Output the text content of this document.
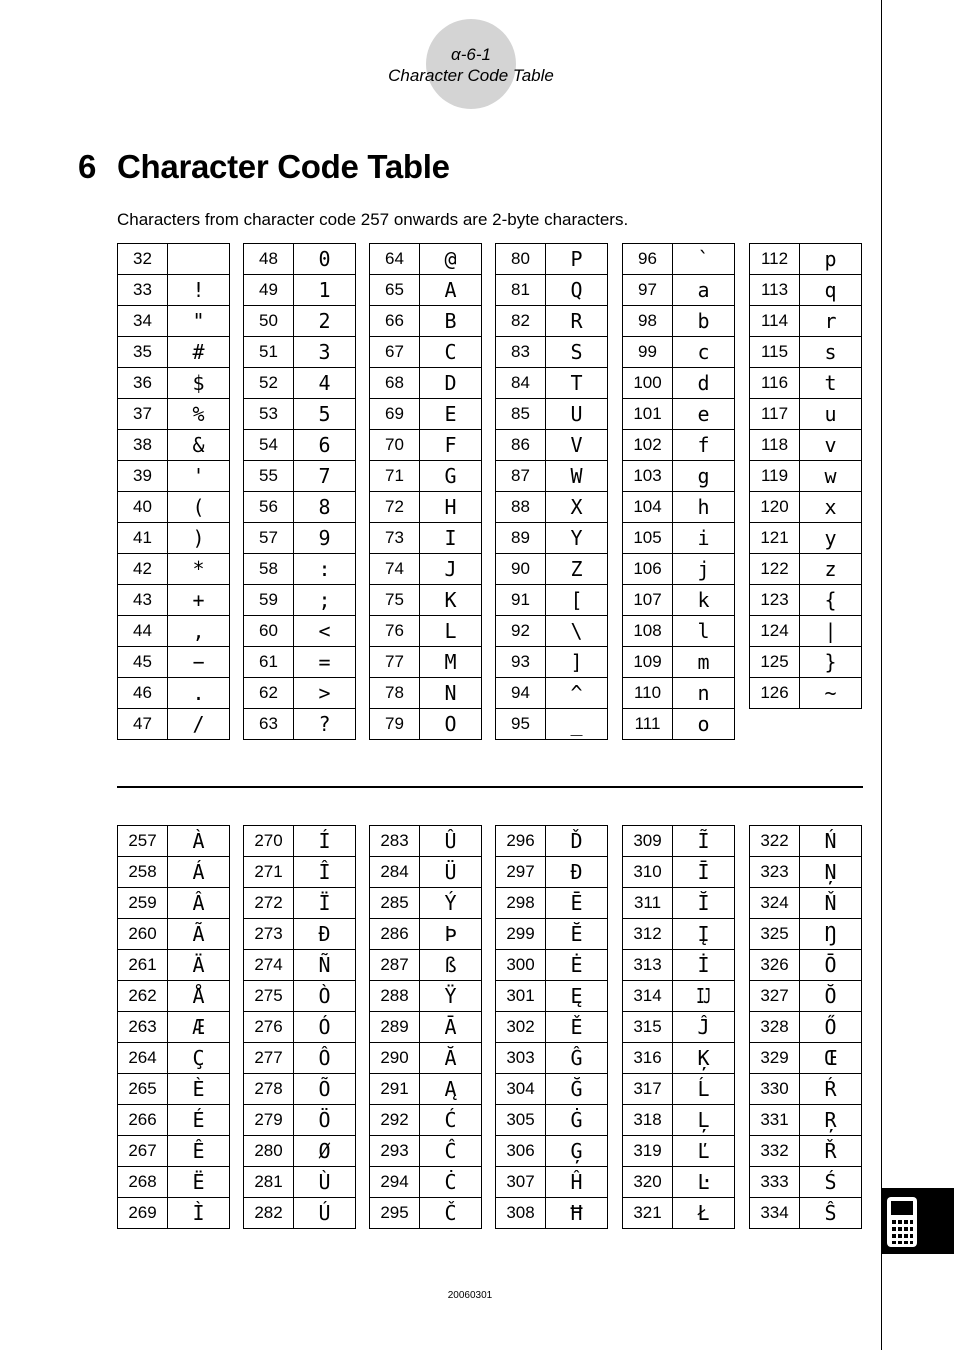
α-6-1
Character Code Table
6 Character Code Table
Characters from character code 257 onwards are 2-byte characters.
32	
33	!
34	"
35	#
36	$
37	%
38	&
39	'
40	(
41	)
42	*
43	+
44	,
45	−
46	.
47	/
48	0
49	1
50	2
51	3
52	4
53	5
54	6
55	7
56	8
57	9
58	:
59	;
60	<
61	=
62	>
63	?
64	@
65	A
66	B
67	C
68	D
69	E
70	F
71	G
72	H
73	I
74	J
75	K
76	L
77	M
78	N
79	O
80	P
81	Q
82	R
83	S
84	T
85	U
86	V
87	W
88	X
89	Y
90	Z
91	[
92	\
93	]
94	^
95	_
96	`
97	a
98	b
99	c
100	d
101	e
102	f
103	g
104	h
105	i
106	j
107	k
108	l
109	m
110	n
111	o
112	p
113	q
114	r
115	s
116	t
117	u
118	v
119	w
120	x
121	y
122	z
123	{
124	|
125	}
126	~
257	À
258	Á
259	Â
260	Ã
261	Ä
262	Å
263	Æ
264	Ç
265	È
266	É
267	Ê
268	Ë
269	Ì
270	Í
271	Î
272	Ï
273	Ð
274	Ñ
275	Ò
276	Ó
277	Ô
278	Õ
279	Ö
280	Ø
281	Ù
282	Ú
283	Û
284	Ü
285	Ý
286	Þ
287	ß
288	Ÿ
289	Ā
290	Ă
291	Ą
292	Ć
293	Ĉ
294	Ċ
295	Č
296	Ď
297	Đ
298	Ē
299	Ĕ
300	Ė
301	Ę
302	Ě
303	Ĝ
304	Ğ
305	Ġ
306	Ģ
307	Ĥ
308	Ħ
309	Ĩ
310	Ī
311	Ĭ
312	Į
313	İ
314	Ĳ
315	Ĵ
316	Ķ
317	Ĺ
318	Ļ
319	Ľ
320	Ŀ
321	Ł
322	Ń
323	Ņ
324	Ň
325	Ŋ
326	Ō
327	Ŏ
328	Ő
329	Œ
330	Ŕ
331	Ŗ
332	Ř
333	Ś
334	Ŝ
20060301
